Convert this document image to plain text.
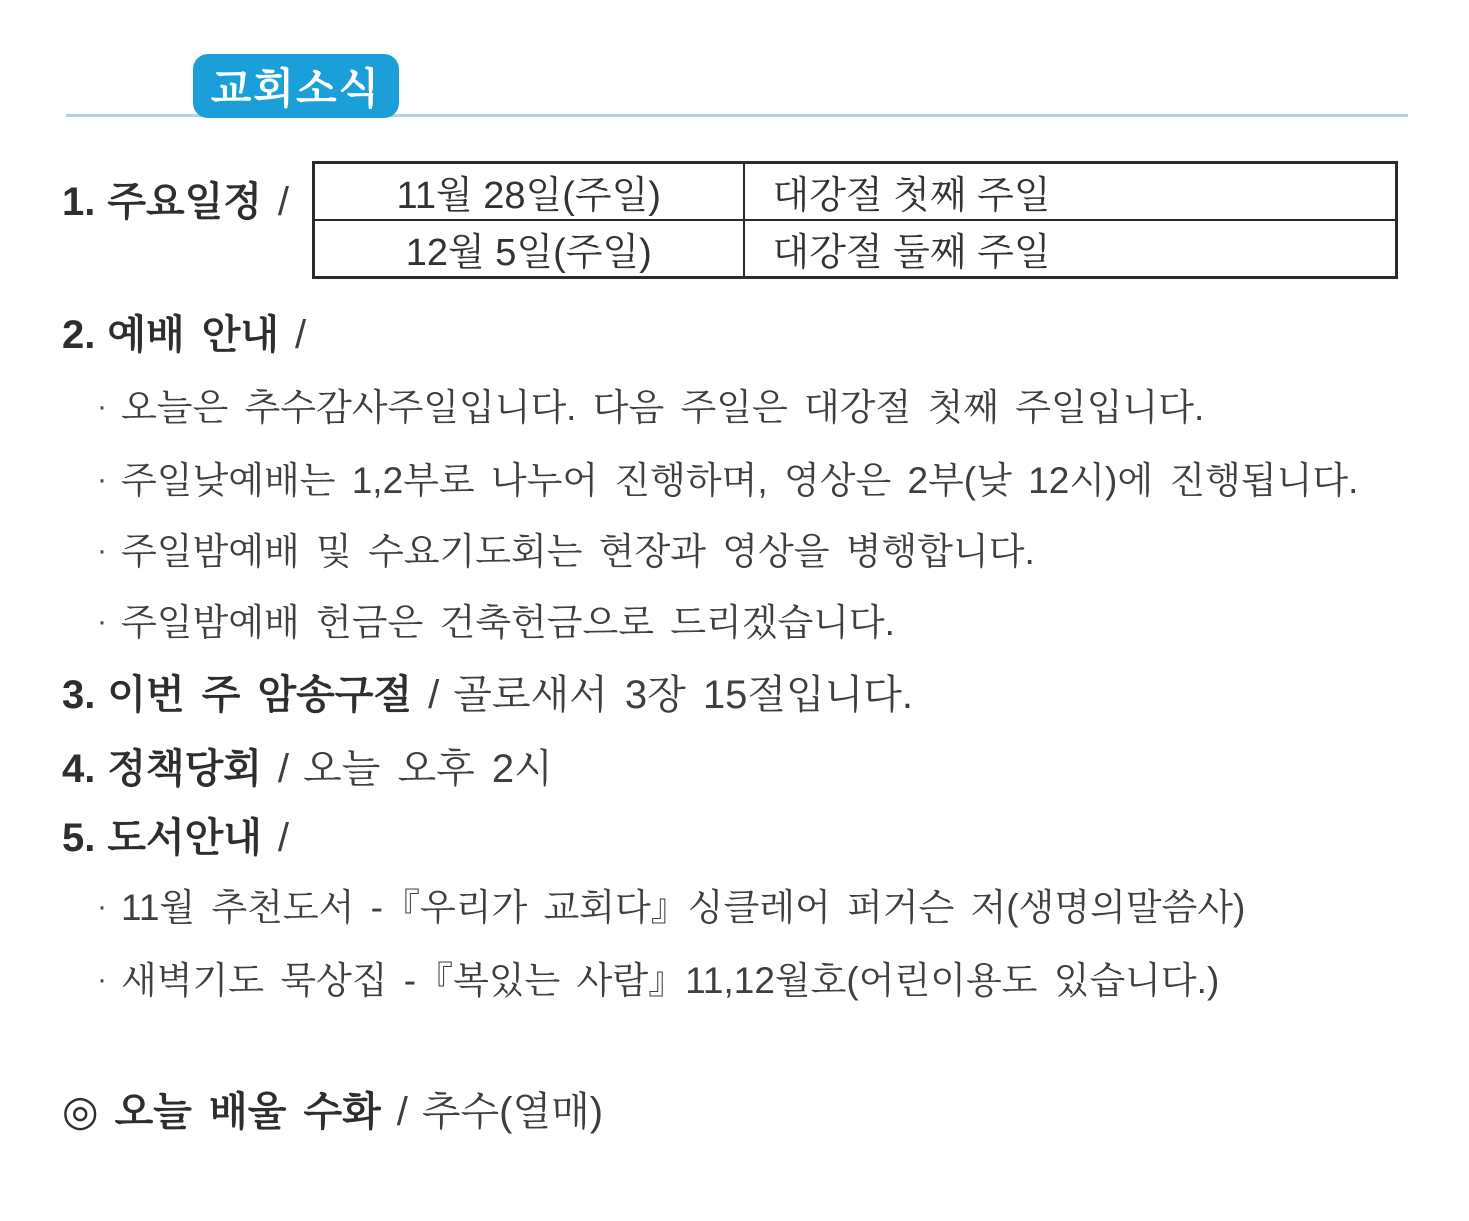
교회소식
1. 주요일정 /	11월 28일(주일)	대강절 첫째 주일
12월 5일(주일)	대강절 둘째 주일
2. 예배 안내 /
· 오늘은 추수감사주일입니다. 다음 주일은 대강절 첫째 주일입니다.
· 주일낮예배는 1,2부로 나누어 진행하며, 영상은 2부(낮 12시)에 진행됩니다.
· 주일밤예배 및 수요기도회는 현장과 영상을 병행합니다.
· 주일밤예배 헌금은 건축헌금으로 드리겠습니다.
3. 이번 주 암송구절 / 골로새서 3장 15절입니다.
4. 정책당회 / 오늘 오후 2시
5. 도서안내 /
· 11월 추천도서 -『우리가 교회다』싱클레어 퍼거슨 저(생명의말씀사)
· 새벽기도 묵상집 -『복있는 사람』11,12월호(어린이용도 있습니다.)
◎ 오늘 배울 수화 / 추수(열매)
